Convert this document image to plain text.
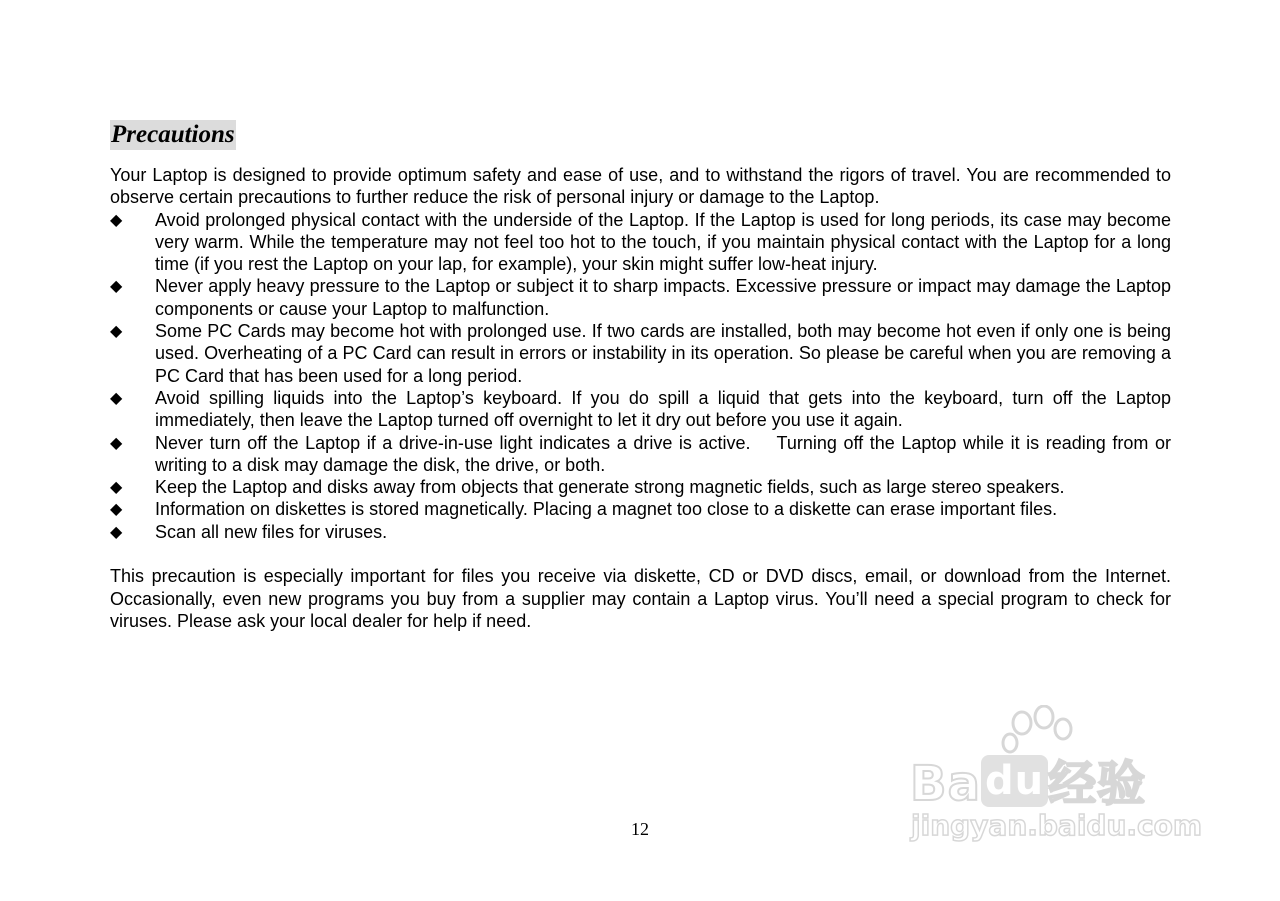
Precautions

Your Laptop is designed to provide optimum safety and ease of use, and to withstand the rigors of travel. You are recommended to observe certain precautions to further reduce the risk of personal injury or damage to the Laptop.

◆	Avoid prolonged physical contact with the underside of the Laptop. If the Laptop is used for long periods, its case may become very warm. While the temperature may not feel too hot to the touch, if you maintain physical contact with the Laptop for a long time (if you rest the Laptop on your lap, for example), your skin might suffer low-heat injury.
◆	Never apply heavy pressure to the Laptop or subject it to sharp impacts. Excessive pressure or impact may damage the Laptop components or cause your Laptop to malfunction.
◆	Some PC Cards may become hot with prolonged use. If two cards are installed, both may become hot even if only one is being used. Overheating of a PC Card can result in errors or instability in its operation. So please be careful when you are removing a PC Card that has been used for a long period.
◆	Avoid spilling liquids into the Laptop’s keyboard. If you do spill a liquid that gets into the keyboard, turn off the Laptop immediately, then leave the Laptop turned off overnight to let it dry out before you use it again.
◆	Never turn off the Laptop if a drive-in-use light indicates a drive is active.    Turning off the Laptop while it is reading from or writing to a disk may damage the disk, the drive, or both.
◆	Keep the Laptop and disks away from objects that generate strong magnetic fields, such as large stereo speakers.
◆	Information on diskettes is stored magnetically. Placing a magnet too close to a diskette can erase important files.
◆	Scan all new files for viruses.

This precaution is especially important for files you receive via diskette, CD or DVD discs, email, or download from the Internet. Occasionally, even new programs you buy from a supplier may contain a Laptop virus. You’ll need a special program to check for viruses. Please ask your local dealer for help if need.

12
Ba du经验
jingyan.baidu.com
